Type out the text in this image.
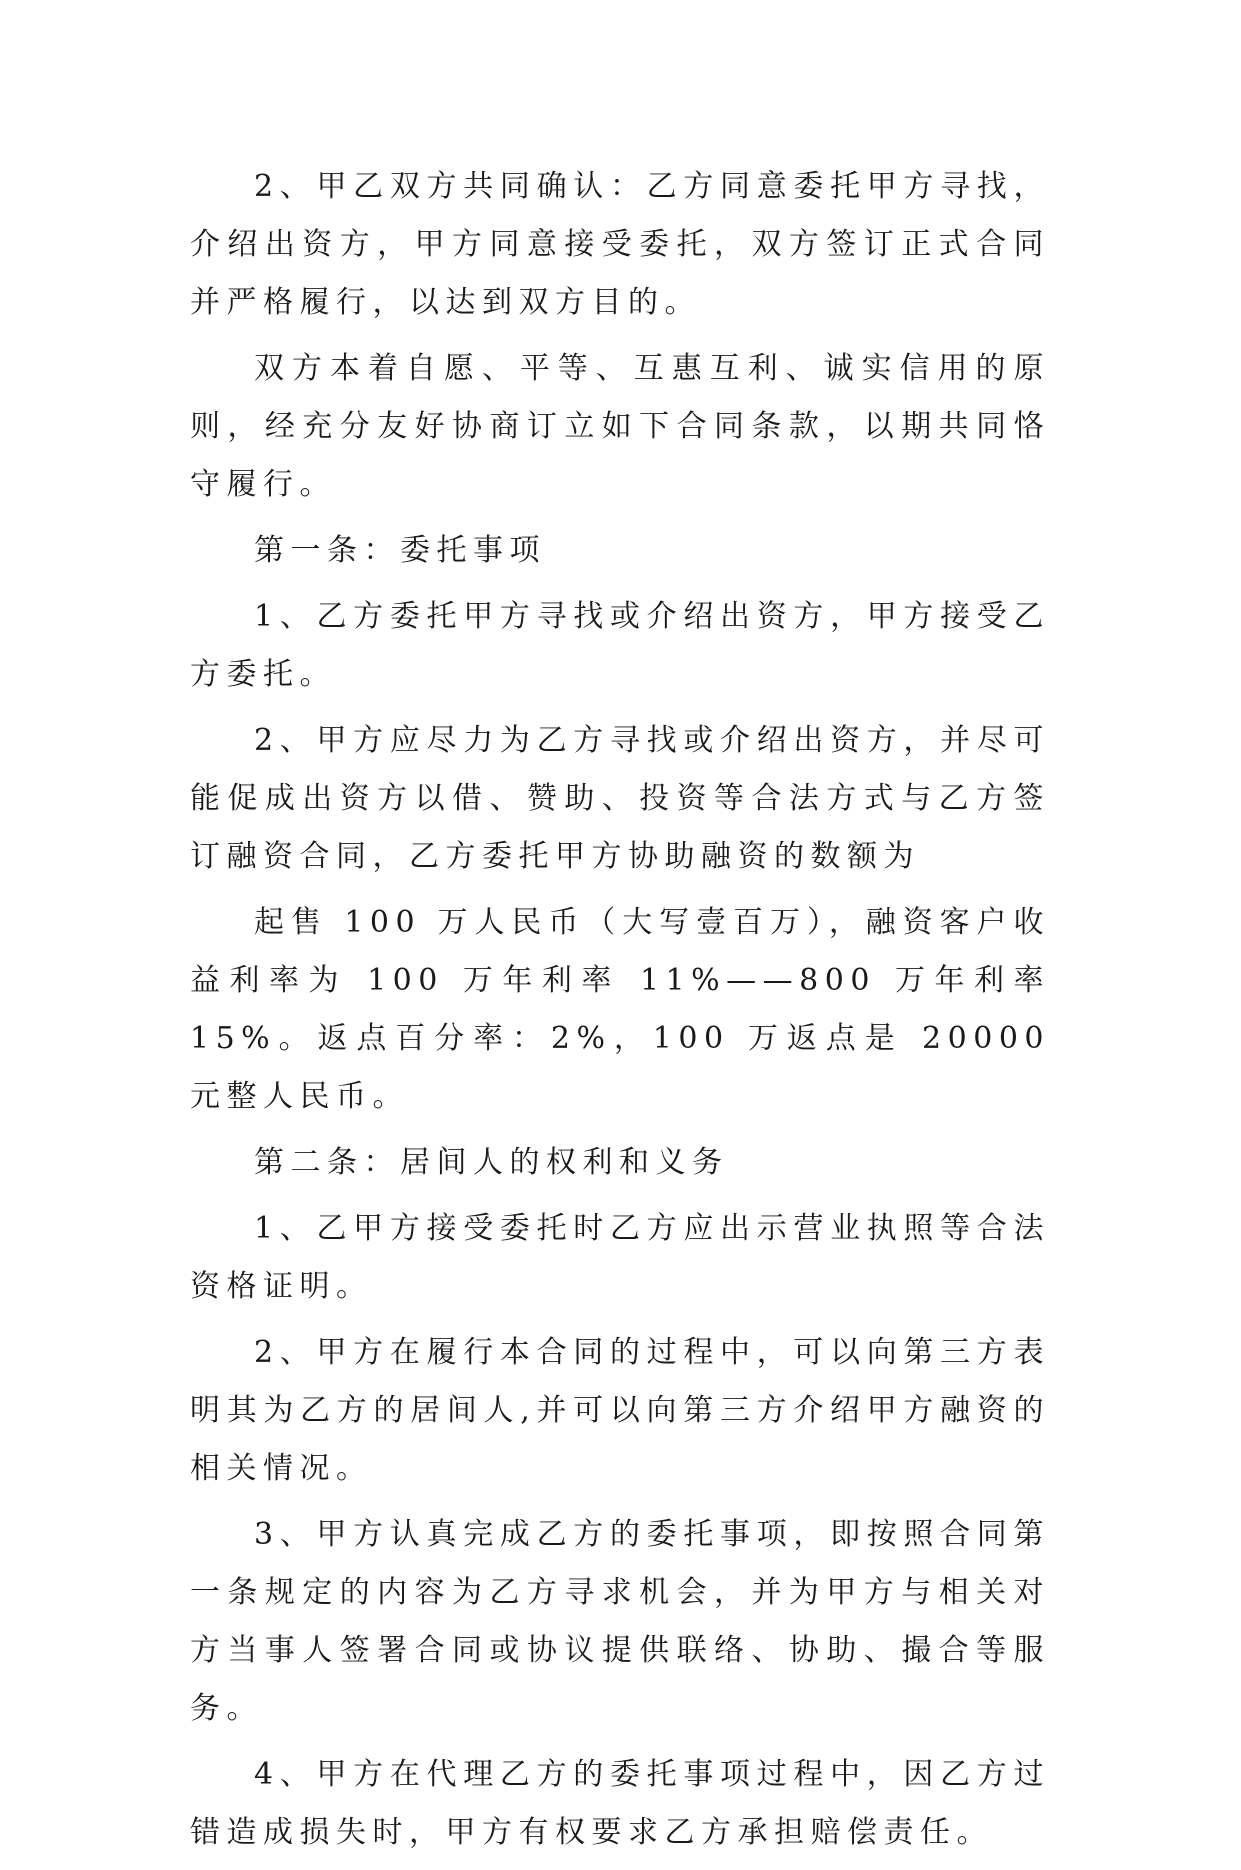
2、甲乙双方共同确认：乙方同意委托甲方寻找，介绍出资方，甲方同意接受委托，双方签订正式合同并严格履行，以达到双方目的。

双方本着自愿、平等、互惠互利、诚实信用的原则，经充分友好协商订立如下合同条款，以期共同恪守履行。

第一条：委托事项

1、乙方委托甲方寻找或介绍出资方，甲方接受乙方委托。

2、甲方应尽力为乙方寻找或介绍出资方，并尽可能促成出资方以借、赞助、投资等合法方式与乙方签订融资合同，乙方委托甲方协助融资的数额为

起售 100 万人民币（大写壹百万），融资客户收益利率为 100 万年利率 11%——800 万年利率 15%。返点百分率：2%，100 万返点是 20000 元整人民币。

第二条：居间人的权利和义务

1、乙甲方接受委托时乙方应出示营业执照等合法资格证明。

2、甲方在履行本合同的过程中，可以向第三方表明其为乙方的居间人,并可以向第三方介绍甲方融资的相关情况。

3、甲方认真完成乙方的委托事项，即按照合同第一条规定的内容为乙方寻求机会，并为甲方与相关对方当事人签署合同或协议提供联络、协助、撮合等服务。

4、甲方在代理乙方的委托事项过程中，因乙方过错造成损失时，甲方有权要求乙方承担赔偿责任。
